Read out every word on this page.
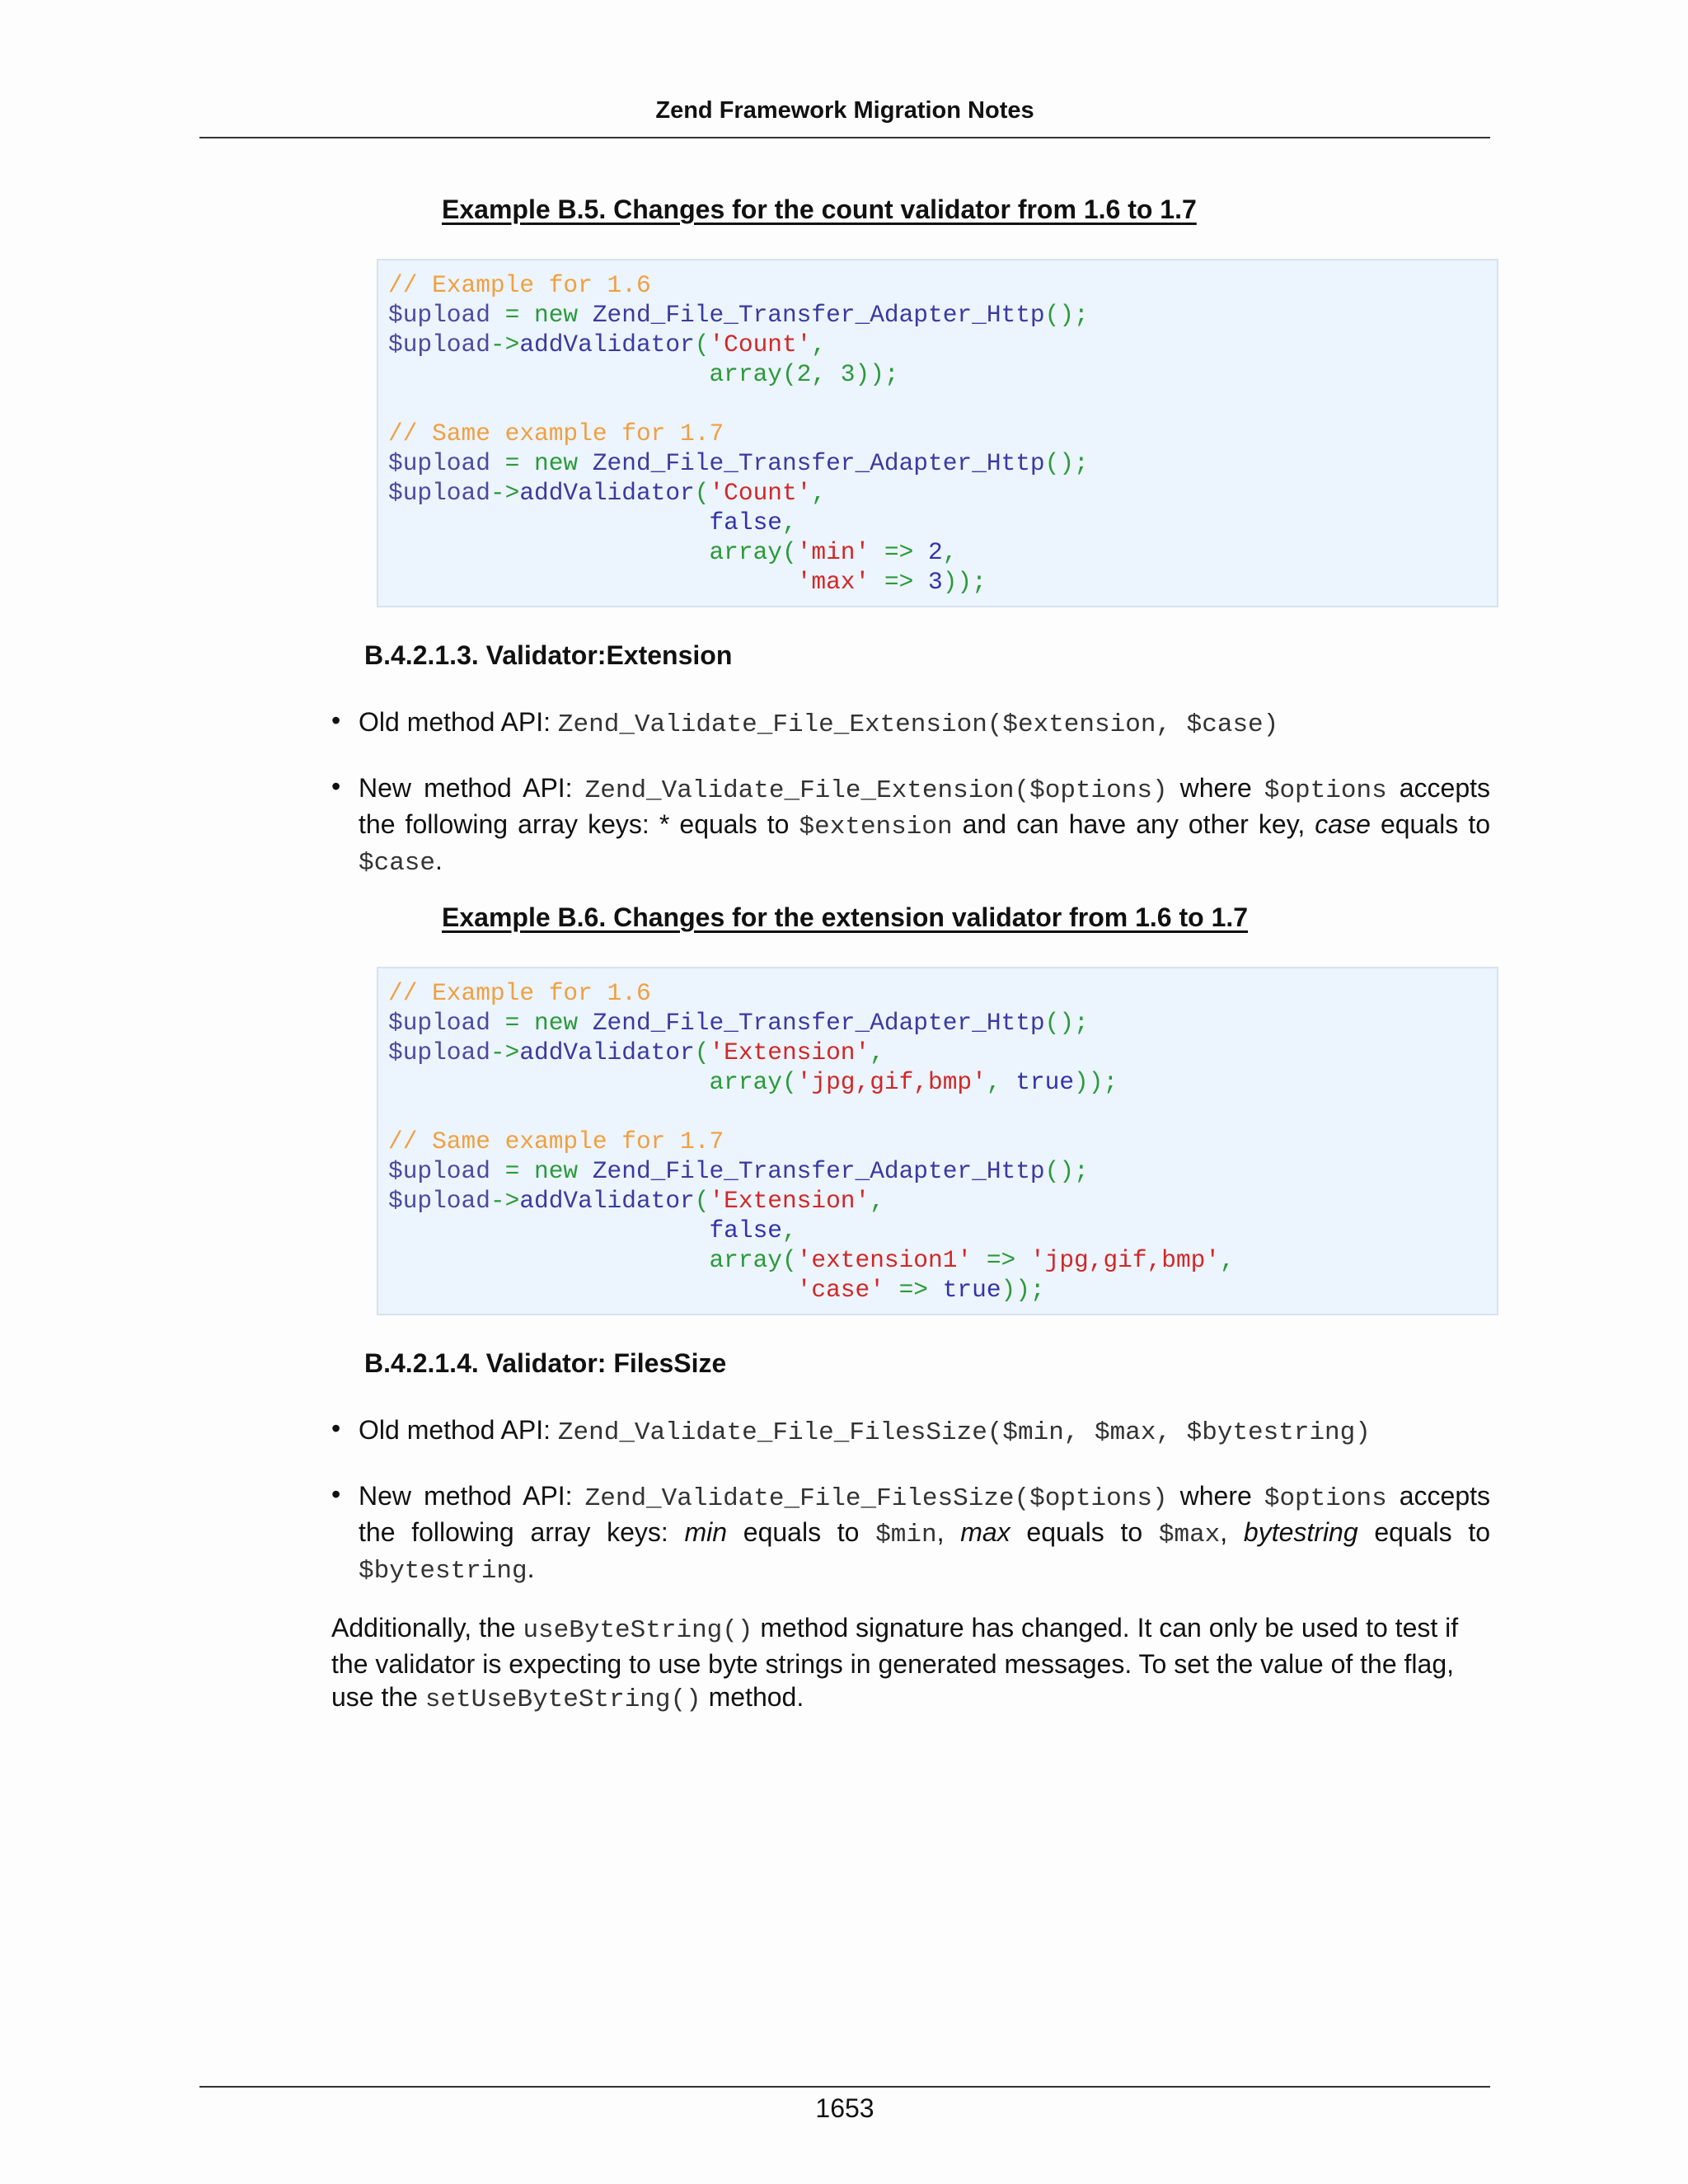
Zend Framework Migration Notes
Example B.5. Changes for the count validator from 1.6 to 1.7
// Example for 1.6
$upload = new Zend_File_Transfer_Adapter_Http();
$upload->addValidator('Count',
array(2, 3));

// Same example for 1.7
$upload = new Zend_File_Transfer_Adapter_Http();
$upload->addValidator('Count',
false,
array('min' => 2,
'max' => 3));
B.4.2.1.3. Validator:Extension
• Old method API: Zend_Validate_File_Extension($extension, $case)
• New method API: Zend_Validate_File_Extension($options) where $options accepts the following array keys: * equals to $extension and can have any other key, case equals to $case.
Example B.6. Changes for the extension validator from 1.6 to 1.7
// Example for 1.6
$upload = new Zend_File_Transfer_Adapter_Http();
$upload->addValidator('Extension',
array('jpg,gif,bmp', true));

// Same example for 1.7
$upload = new Zend_File_Transfer_Adapter_Http();
$upload->addValidator('Extension',
false,
array('extension1' => 'jpg,gif,bmp',
'case' => true));
B.4.2.1.4. Validator: FilesSize
• Old method API: Zend_Validate_File_FilesSize($min, $max, $bytestring)
• New method API: Zend_Validate_File_FilesSize($options) where $options accepts the following array keys: min equals to $min, max equals to $max, bytestring equals to $bytestring.
Additionally, the useByteString() method signature has changed. It can only be used to test if the validator is expecting to use byte strings in generated messages. To set the value of the flag, use the setUseByteString() method.
1653
